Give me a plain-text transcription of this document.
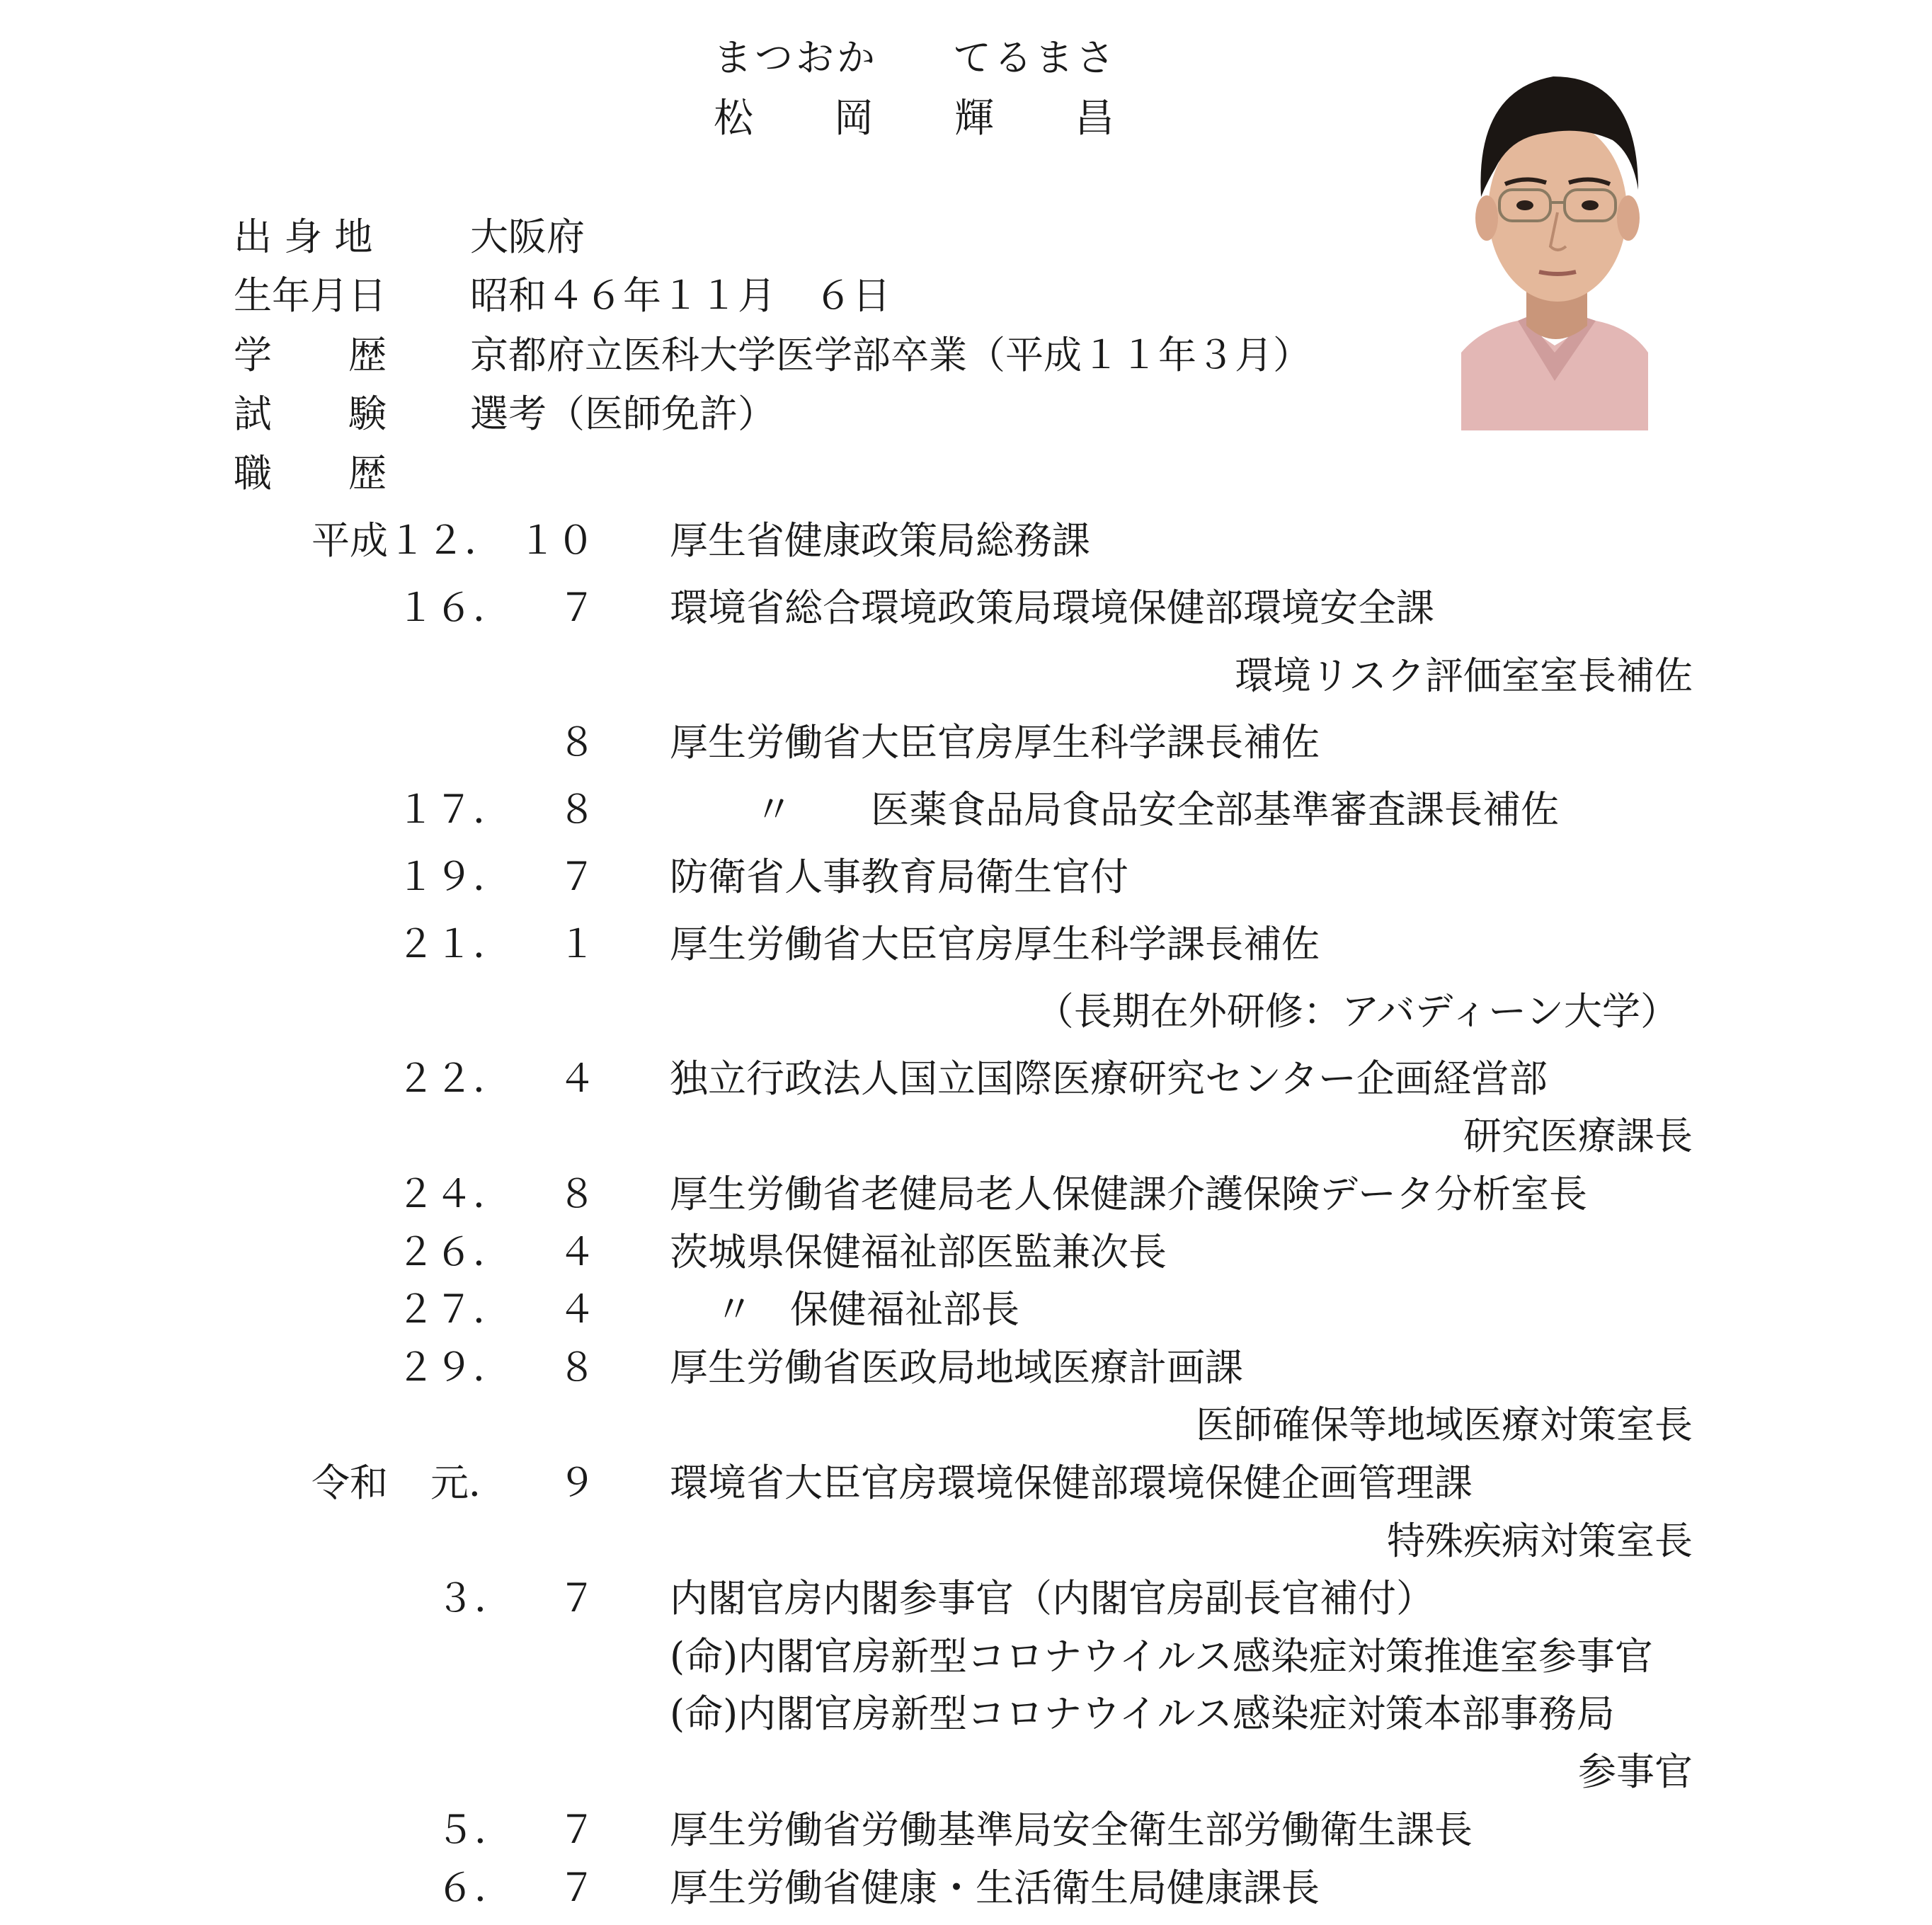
まつおか てるまさ
松 岡 輝 昌
出 身 地	大阪府
生年月日 昭和４６年１１月　６日
学　　歴 京都府立医科大学医学部卒業（平成１１年３月）
試　　験 選考（医師免許）
職　　歴
平成 １２． １０ 厚生省健康政策局総務課
１６． ７ 環境省総合環境政策局環境保健部環境安全課
環境リスク評価室室長補佐
８ 厚生労働省大臣官房厚生科学課長補佐
１７． ８	〃 医薬食品局食品安全部基準審査課長補佐
１９． ７ 防衛省人事教育局衛生官付
２１． １ 厚生労働省大臣官房厚生科学課長補佐
（長期在外研修：アバディーン大学）
２２． ４ 独立行政法人国立国際医療研究センター企画経営部
研究医療課長
２４． ８ 厚生労働省老健局老人保健課介護保険データ分析室長
２６． ４ 茨城県保健福祉部医監兼次長
２７． ４	〃 保健福祉部長
２９． ８ 厚生労働省医政局地域医療計画課
医師確保等地域医療対策室長
令和 元． ９ 環境省大臣官房環境保健部環境保健企画管理課
特殊疾病対策室長
３． ７ 内閣官房内閣参事官（内閣官房副長官補付）
(命)内閣官房新型コロナウイルス感染症対策推進室参事官
(命)内閣官房新型コロナウイルス感染症対策本部事務局
参事官
５． ７ 厚生労働省労働基準局安全衛生部労働衛生課長
６． ７ 厚生労働省健康・生活衛生局健康課長
